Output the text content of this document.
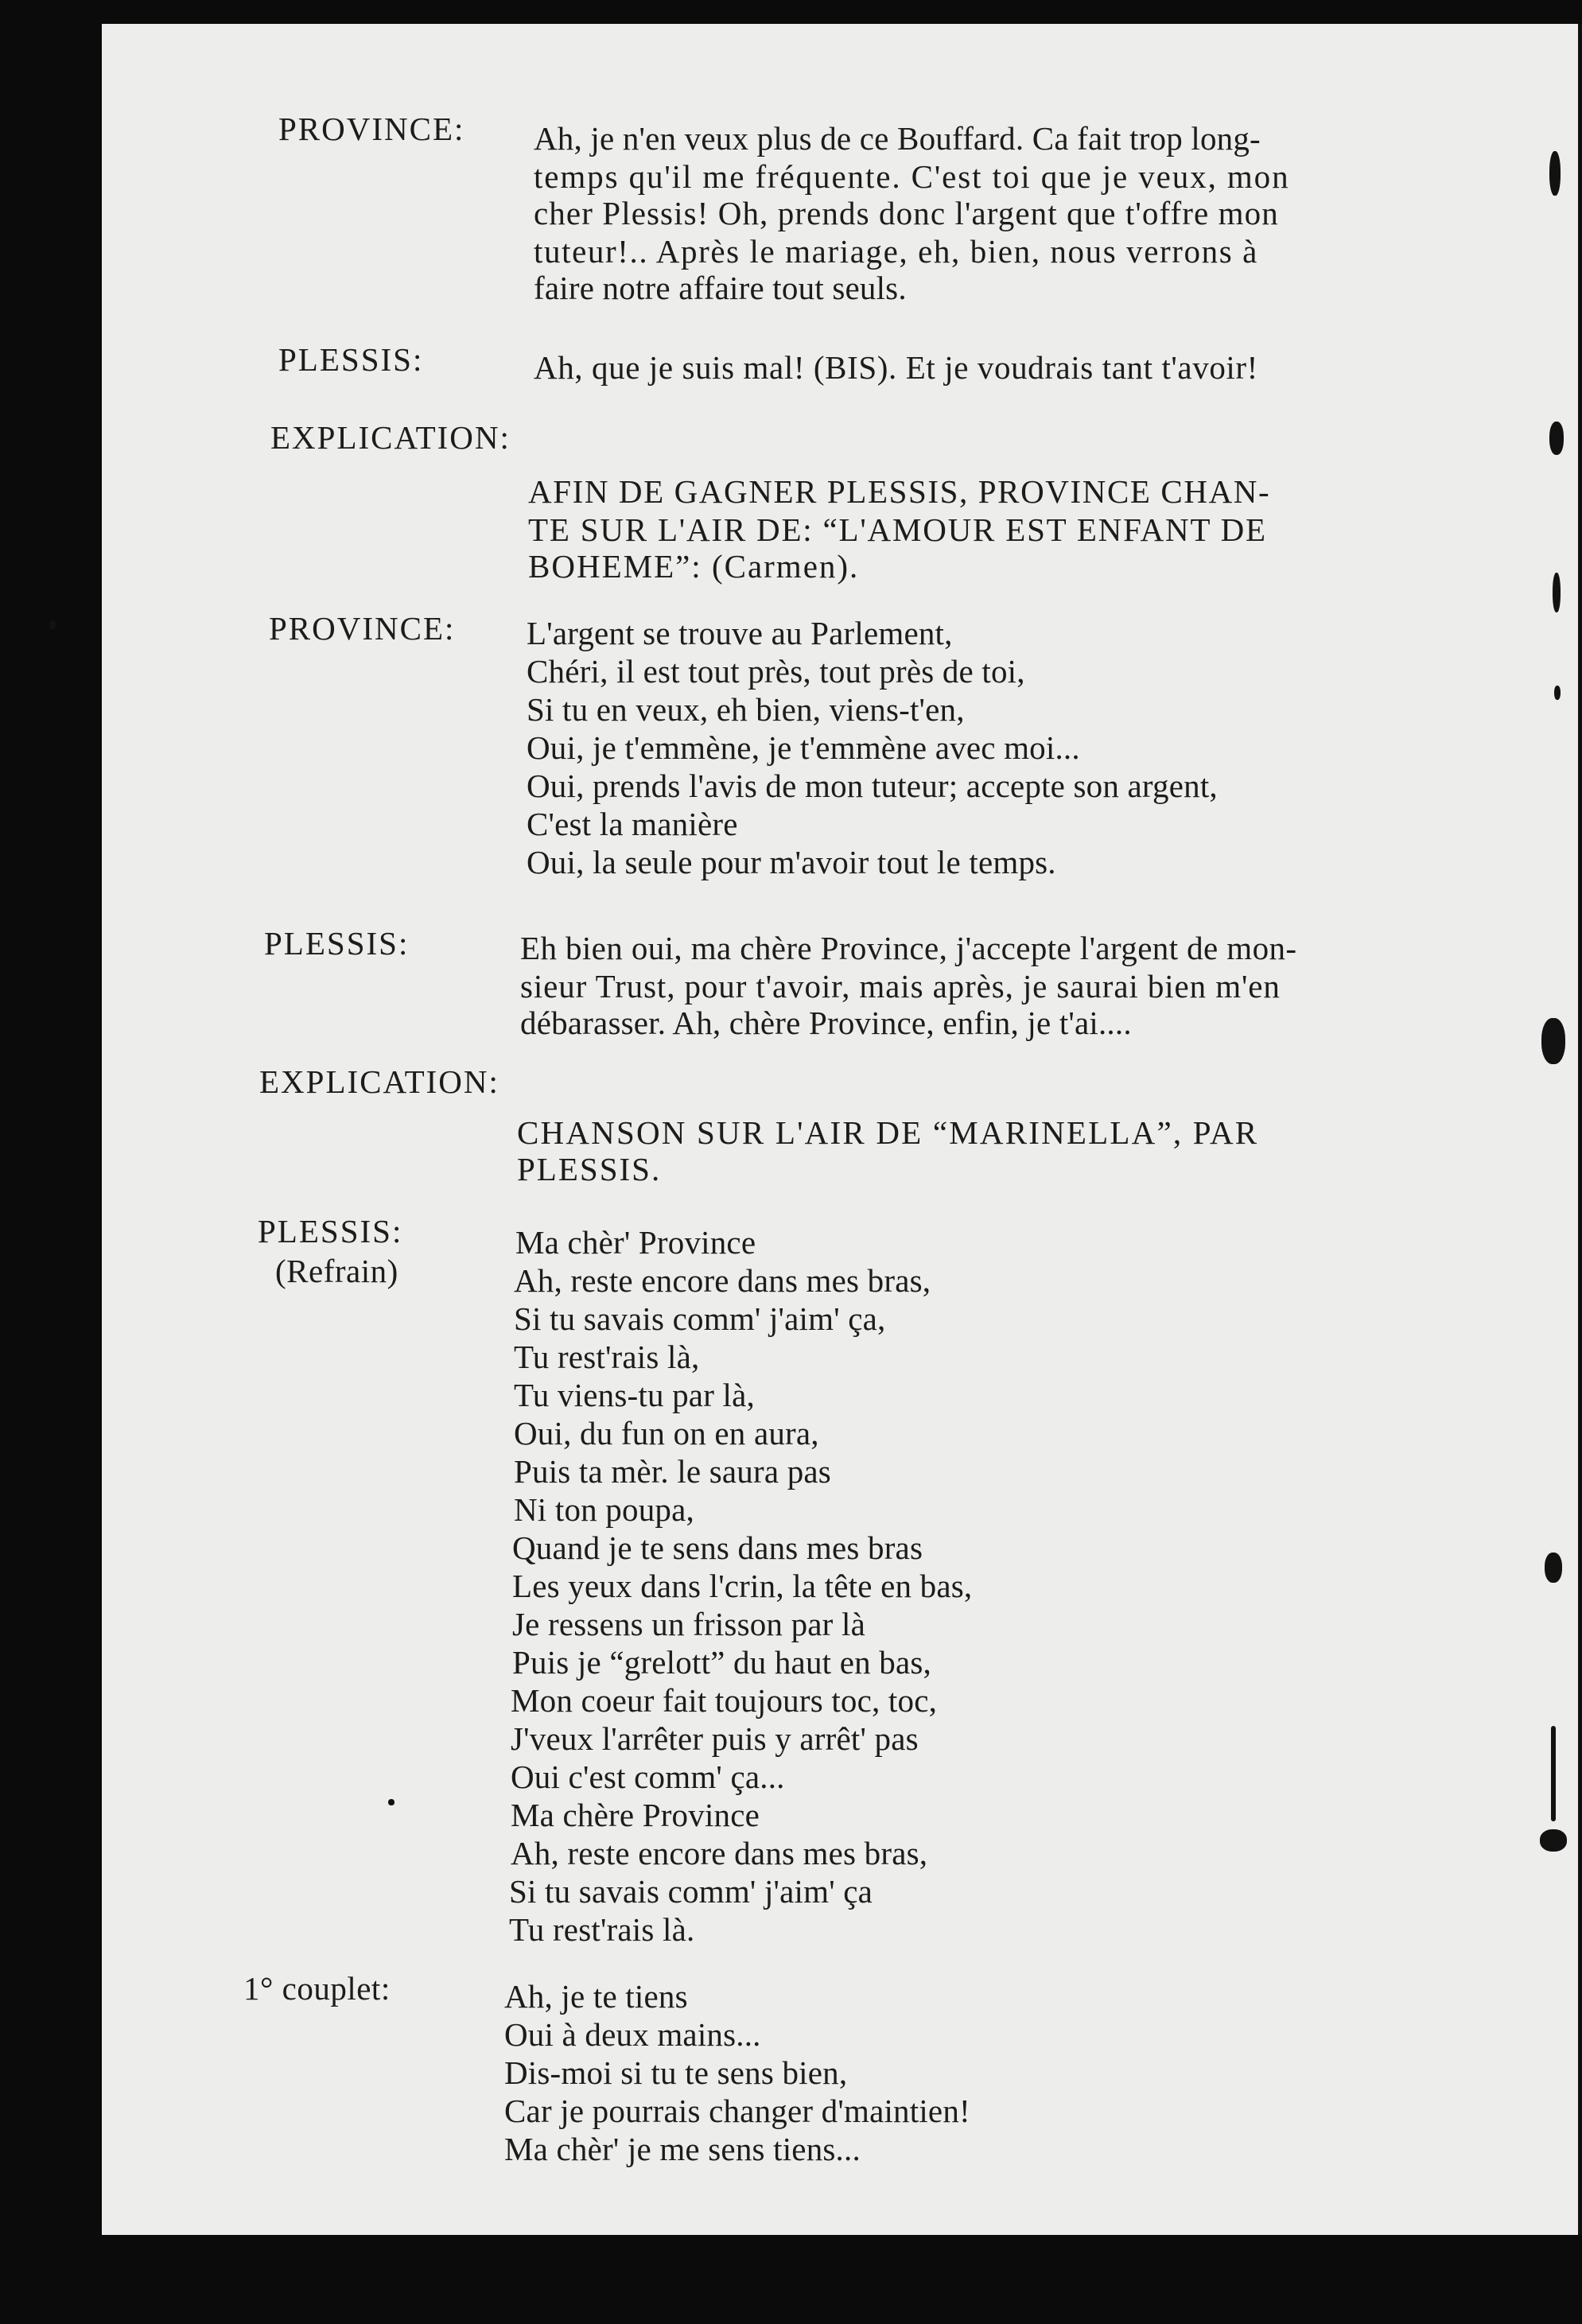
PROVINCE: Ah, je n'en veux plus de ce Bouffard. Ca fait trop long-
temps qu'il me fréquente. C'est toi que je veux, mon
cher Plessis! Oh, prends donc l'argent que t'offre mon
tuteur!.. Après le mariage, eh, bien, nous verrons à
faire notre affaire tout seuls.
PLESSIS:	Ah, que je suis mal! (BIS). Et je voudrais tant t'avoir!
EXPLICATION:
AFIN DE GAGNER PLESSIS, PROVINCE CHAN-
TE SUR L'AIR DE: “L'AMOUR EST ENFANT DE
BOHEME”: (Carmen).
PROVINCE: L'argent se trouve au Parlement,
Chéri, il est tout près, tout près de toi,
Si tu en veux, eh bien, viens-t'en,
Oui, je t'emmène, je t'emmène avec moi...
Oui, prends l'avis de mon tuteur; accepte son argent,
C'est la manière
Oui, la seule pour m'avoir tout le temps.
PLESSIS:	Eh bien oui, ma chère Province, j'accepte l'argent de mon-
sieur Trust, pour t'avoir, mais après, je saurai bien m'en
débarasser. Ah, chère Province, enfin, je t'ai....
EXPLICATION:
CHANSON SUR L'AIR DE “MARINELLA”, PAR
PLESSIS.
PLESSIS:
(Refrain)
Ma chèr' Province
Ah, reste encore dans mes bras,
Si tu savais comm' j'aim' ça,
Tu rest'rais là,
Tu viens-tu par là,
Oui, du fun on en aura,
Puis ta mèr. le saura pas
Ni ton poupa,
Quand je te sens dans mes bras
Les yeux dans l'crin, la tête en bas,
Je ressens un frisson par là
Puis je “grelott” du haut en bas,
Mon coeur fait toujours toc, toc,
J'veux l'arrêter puis y arrêt' pas
Oui c'est comm' ça...
Ma chère Province
Ah, reste encore dans mes bras,
Si tu savais comm' j'aim' ça
Tu rest'rais là.
1° couplet:	Ah, je te tiens
Oui à deux mains...
Dis-moi si tu te sens bien,
Car je pourrais changer d'maintien!
Ma chèr' je me sens tiens...
